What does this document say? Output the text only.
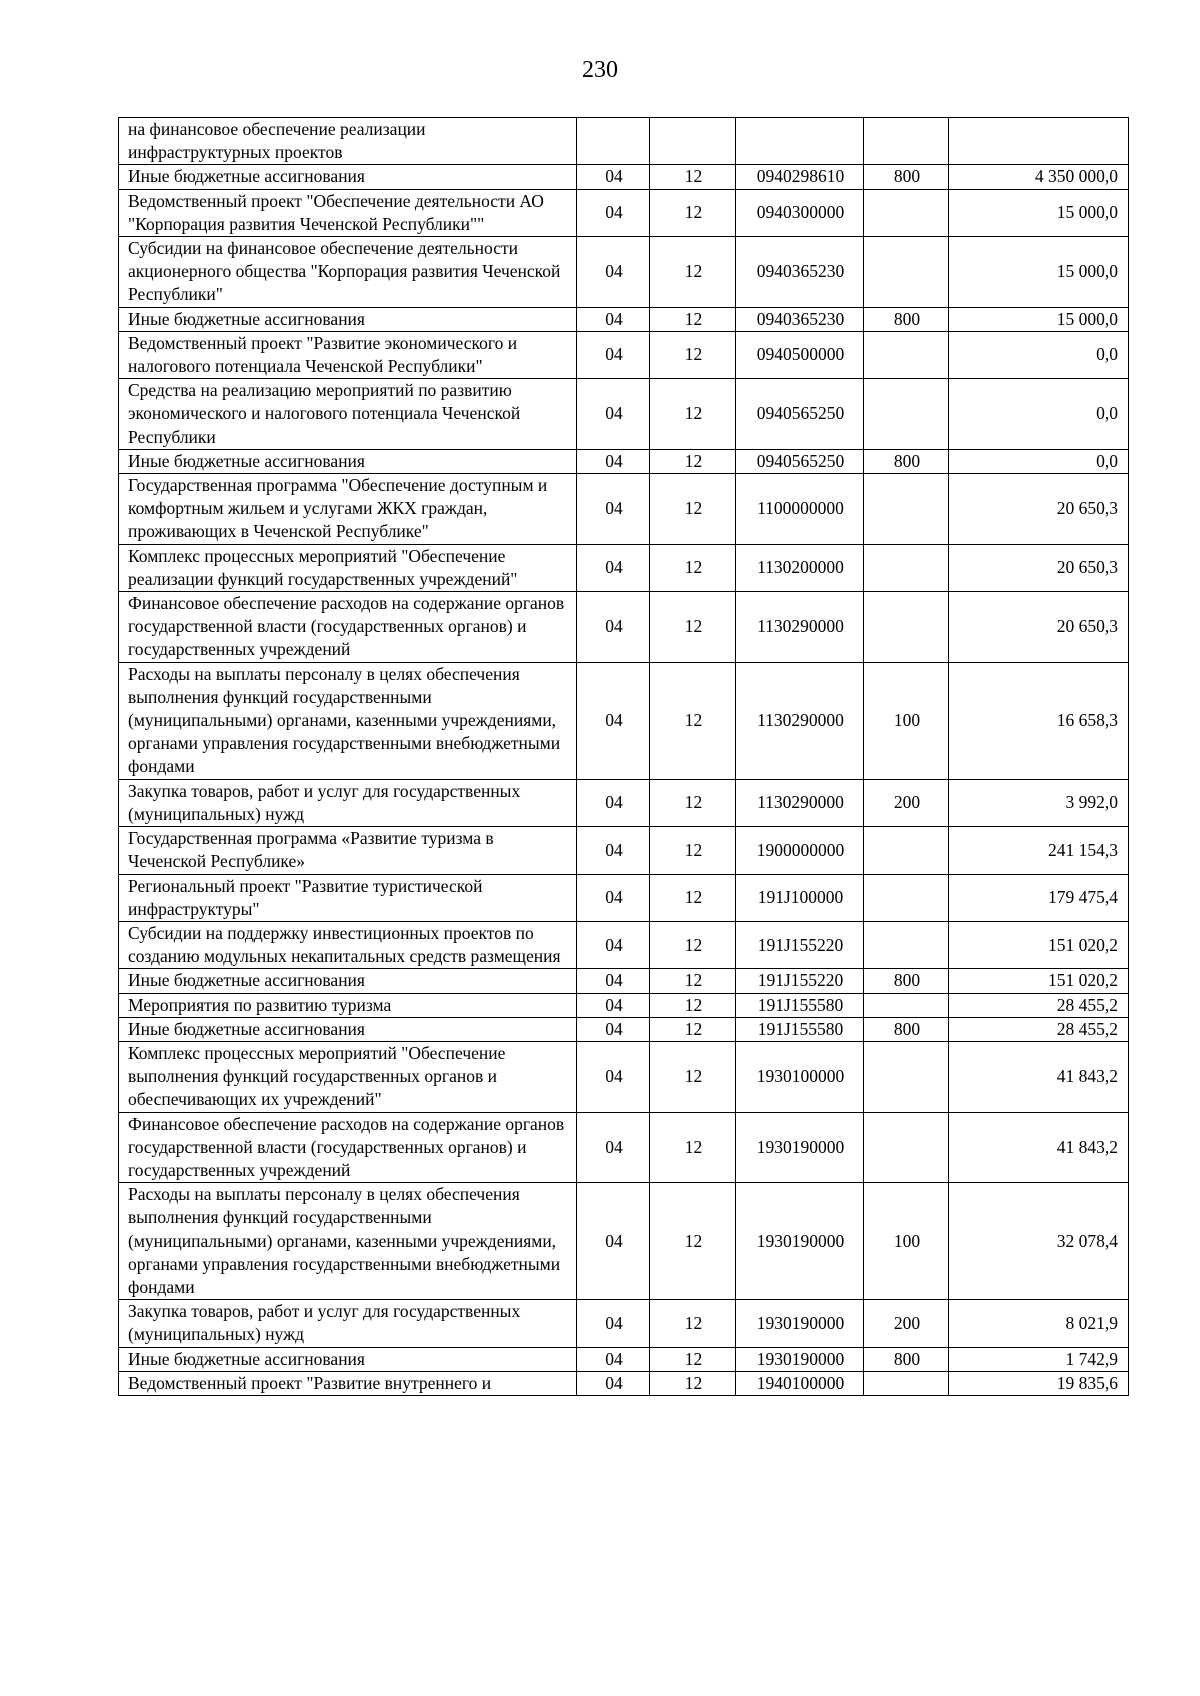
230
на финансовое обеспечение реализации инфраструктурных проектов					
Иные бюджетные ассигнования	04	12	0940298610	800	4 350 000,0
Ведомственный проект "Обеспечение деятельности АО "Корпорация развития Чеченской Республики""	04	12	0940300000		15 000,0
Субсидии на финансовое обеспечение деятельности акционерного общества "Корпорация развития Чеченской Республики"	04	12	0940365230		15 000,0
Иные бюджетные ассигнования	04	12	0940365230	800	15 000,0
Ведомственный проект "Развитие экономического и налогового потенциала Чеченской Республики"	04	12	0940500000		0,0
Средства на реализацию мероприятий по развитию экономического и налогового потенциала Чеченской Республики	04	12	0940565250		0,0
Иные бюджетные ассигнования	04	12	0940565250	800	0,0
Государственная программа "Обеспечение доступным и комфортным жильем и услугами ЖКХ граждан, проживающих в Чеченской Республике"	04	12	1100000000		20 650,3
Комплекс процессных мероприятий "Обеспечение реализации функций государственных учреждений"	04	12	1130200000		20 650,3
Финансовое обеспечение расходов на содержание органов государственной власти (государственных органов) и государственных учреждений	04	12	1130290000		20 650,3
Расходы на выплаты персоналу в целях обеспечения выполнения функций государственными (муниципальными) органами, казенными учреждениями, органами управления государственными внебюджетными фондами	04	12	1130290000	100	16 658,3
Закупка товаров, работ и услуг для государственных (муниципальных) нужд	04	12	1130290000	200	3 992,0
Государственная программа «Развитие туризма в Чеченской Республике»	04	12	1900000000		241 154,3
Региональный проект "Развитие туристической инфраструктуры"	04	12	191J100000		179 475,4
Субсидии на поддержку инвестиционных проектов по созданию модульных некапитальных средств размещения	04	12	191J155220		151 020,2
Иные бюджетные ассигнования	04	12	191J155220	800	151 020,2
Мероприятия по развитию туризма	04	12	191J155580		28 455,2
Иные бюджетные ассигнования	04	12	191J155580	800	28 455,2
Комплекс процессных мероприятий "Обеспечение выполнения функций государственных органов и обеспечивающих их учреждений"	04	12	1930100000		41 843,2
Финансовое обеспечение расходов на содержание органов государственной власти (государственных органов) и государственных учреждений	04	12	1930190000		41 843,2
Расходы на выплаты персоналу в целях обеспечения выполнения функций государственными (муниципальными) органами, казенными учреждениями, органами управления государственными внебюджетными фондами	04	12	1930190000	100	32 078,4
Закупка товаров, работ и услуг для государственных (муниципальных) нужд	04	12	1930190000	200	8 021,9
Иные бюджетные ассигнования	04	12	1930190000	800	1 742,9
Ведомственный проект "Развитие внутреннего и	04	12	1940100000		19 835,6
